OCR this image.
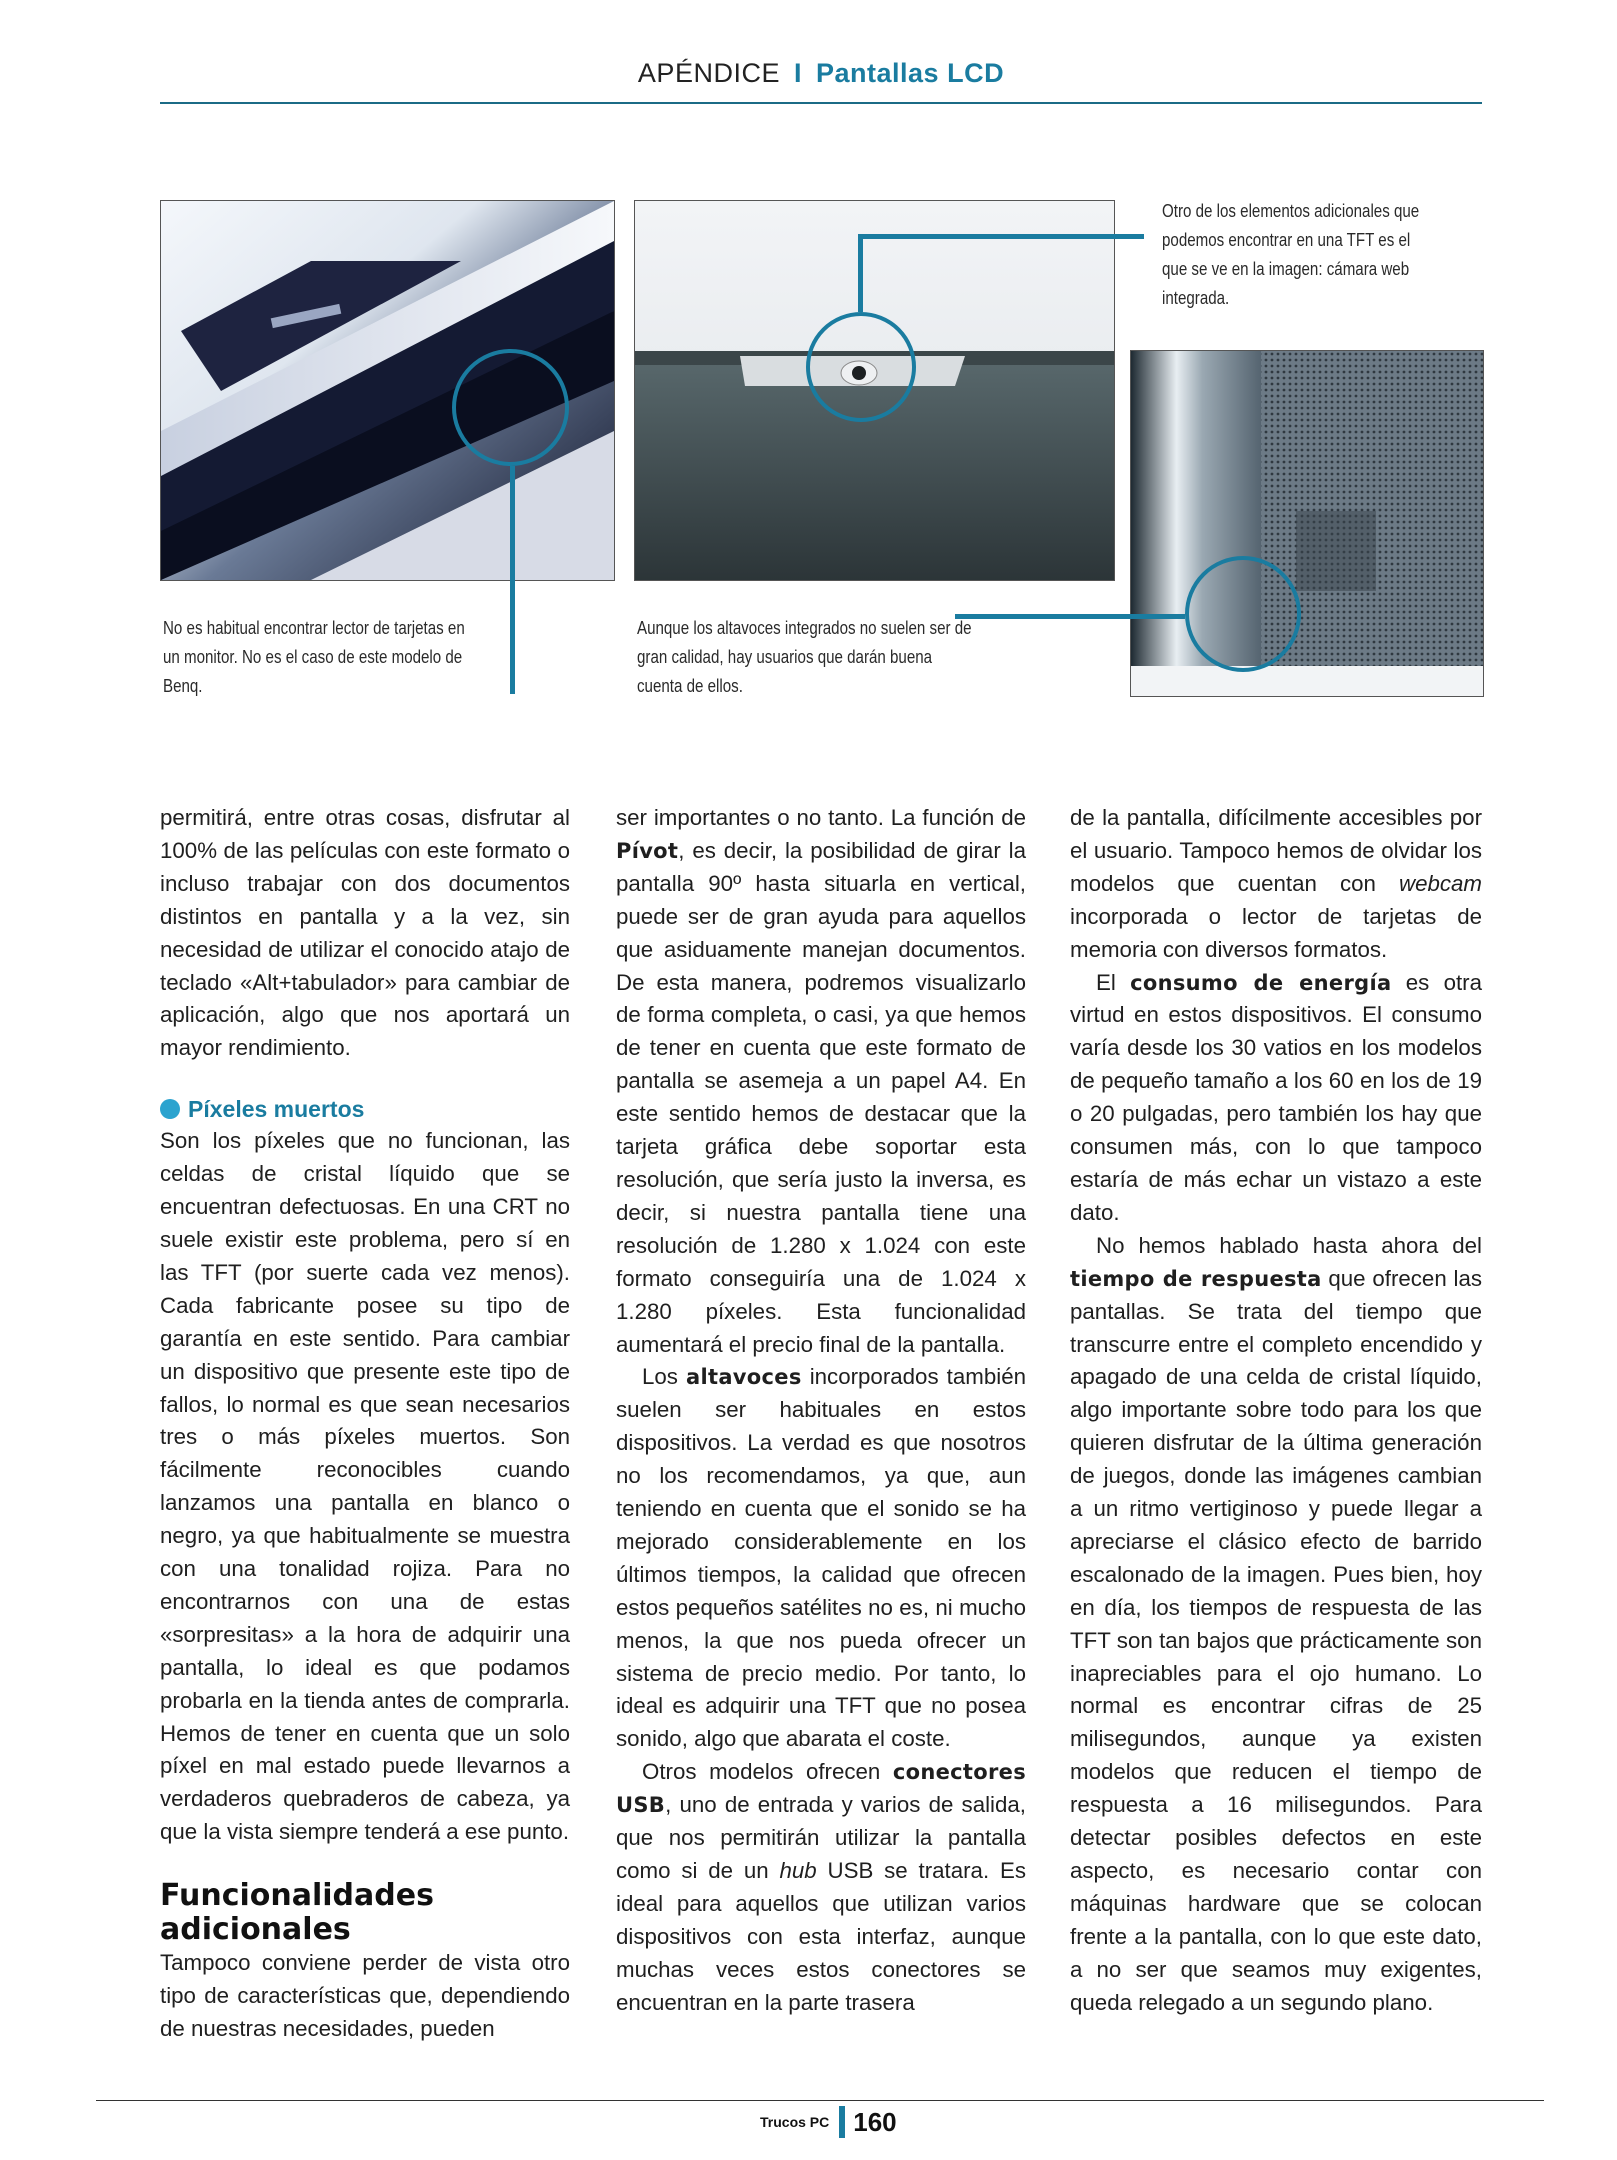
APÉNDICE I Pantallas LCD
No es habitual encontrar lector de tarjetas en un monitor. No es el caso de este modelo de Benq.
Aunque los altavoces integrados no suelen ser de gran calidad, hay usuarios que darán buena cuenta de ellos.
Otro de los elementos adicionales que podemos encontrar en una TFT es el que se ve en la imagen: cámara web integrada.

permitirá, entre otras cosas, disfrutar al 100% de las películas con este formato o incluso trabajar con dos documentos distintos en pantalla y a la vez, sin necesidad de utilizar el conocido atajo de teclado «Alt+tabulador» para cambiar de aplicación, algo que nos aportará un mayor rendimiento.

Píxeles muertos

Son los píxeles que no funcionan, las celdas de cristal líquido que se encuentran defectuosas. En una CRT no suele existir este problema, pero sí en las TFT (por suerte cada vez menos). Cada fabricante posee su tipo de garantía en este sentido. Para cambiar un dispositivo que presente este tipo de fallos, lo normal es que sean necesarios tres o más píxeles muertos. Son fácilmente reconocibles cuando lanzamos una pantalla en blanco o negro, ya que habitualmente se muestra con una tonalidad rojiza. Para no encontrarnos con una de estas «sorpresitas» a la hora de adquirir una pantalla, lo ideal es que podamos probarla en la tienda antes de comprarla. Hemos de tener en cuenta que un solo píxel en mal estado puede llevarnos a verdaderos quebraderos de cabeza, ya que la vista siempre tenderá a ese punto.

Funcionalidades adicionales

Tampoco conviene perder de vista otro tipo de características que, dependiendo de nuestras necesidades, pueden

ser importantes o no tanto. La función de Pívot, es decir, la posibilidad de girar la pantalla 90º hasta situarla en vertical, puede ser de gran ayuda para aquellos que asiduamente manejan documentos. De esta manera, podremos visualizarlo de forma completa, o casi, ya que hemos de tener en cuenta que este formato de pantalla se asemeja a un papel A4. En este sentido hemos de destacar que la tarjeta gráfica debe soportar esta resolución, que sería justo la inversa, es decir, si nuestra pantalla tiene una resolución de 1.280 x 1.024 con este formato conseguiría una de 1.024 x 1.280 píxeles. Esta funcionalidad aumentará el precio final de la pantalla.

Los altavoces incorporados también suelen ser habituales en estos dispositivos. La verdad es que nosotros no los recomendamos, ya que, aun teniendo en cuenta que el sonido se ha mejorado considerablemente en los últimos tiempos, la calidad que ofrecen estos pequeños satélites no es, ni mucho menos, la que nos pueda ofrecer un sistema de precio medio. Por tanto, lo ideal es adquirir una TFT que no posea sonido, algo que abarata el coste.

Otros modelos ofrecen conectores USB, uno de entrada y varios de salida, que nos permitirán utilizar la pantalla como si de un hub USB se tratara. Es ideal para aquellos que utilizan varios dispositivos con esta interfaz, aunque muchas veces estos conectores se encuentran en la parte trasera

de la pantalla, difícilmente accesibles por el usuario. Tampoco hemos de olvidar los modelos que cuentan con webcam incorporada o lector de tarjetas de memoria con diversos formatos.

El consumo de energía es otra virtud en estos dispositivos. El consumo varía desde los 30 vatios en los modelos de pequeño tamaño a los 60 en los de 19 o 20 pulgadas, pero también los hay que consumen más, con lo que tampoco estaría de más echar un vistazo a este dato.

No hemos hablado hasta ahora del tiempo de respuesta que ofrecen las pantallas. Se trata del tiempo que transcurre entre el completo encendido y apagado de una celda de cristal líquido, algo importante sobre todo para los que quieren disfrutar de la última generación de juegos, donde las imágenes cambian a un ritmo vertiginoso y puede llegar a apreciarse el clásico efecto de barrido escalonado de la imagen. Pues bien, hoy en día, los tiempos de respuesta de las TFT son tan bajos que prácticamente son inapreciables para el ojo humano. Lo normal es encontrar cifras de 25 milisegundos, aunque ya existen modelos que reducen el tiempo de respuesta a 16 milisegundos. Para detectar posibles defectos en este aspecto, es necesario contar con máquinas hardware que se colocan frente a la pantalla, con lo que este dato, a no ser que seamos muy exigentes, queda relegado a un segundo plano.

Trucos PC 160
